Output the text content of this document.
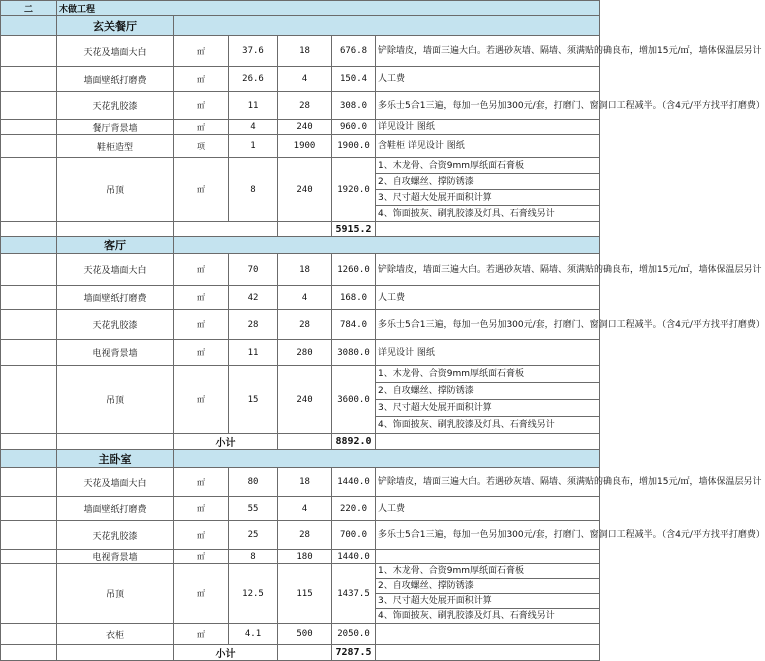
二	木做工程					
	玄关餐厅					
	天花及墙面大白	㎡	37.6	18	676.8	铲除墙皮，墙面三遍大白。若遇砂灰墙、隔墙、须满贴的确良布，增加15元/㎡，墙体保温层另计
	墙面壁纸打磨费	㎡	26.6	4	150.4	人工费
	天花乳胶漆	㎡	11	28	308.0	多乐士5合1三遍，每加一色另加300元/套，打磨门、窗洞口工程减半。（含4元/平方找平打磨费）
	餐厅背景墙	㎡	4	240	960.0	详见设计 图纸
	鞋柜造型	项	1	1900	1900.0	含鞋柜 详见设计 图纸
	吊顶	㎡	8	240	1920.0	1、木龙骨、合资9mm厚纸面石膏板
						2、自攻螺丝、撑防锈漆
						3、尺寸超大处展开面积计算
						4、饰面披灰、刷乳胶漆及灯具、石膏线另计
					5915.2	
	客厅					
	天花及墙面大白	㎡	70	18	1260.0	铲除墙皮，墙面三遍大白。若遇砂灰墙、隔墙、须满贴的确良布，增加15元/㎡，墙体保温层另计
	墙面壁纸打磨费	㎡	42	4	168.0	人工费
	天花乳胶漆	㎡	28	28	784.0	多乐士5合1三遍，每加一色另加300元/套，打磨门、窗洞口工程减半。（含4元/平方找平打磨费）
	电视背景墙	㎡	11	280	3080.0	详见设计 图纸
	吊顶	㎡	15	240	3600.0	1、木龙骨、合资9mm厚纸面石膏板
						2、自攻螺丝、撑防锈漆
						3、尺寸超大处展开面积计算
						4、饰面披灰、刷乳胶漆及灯具、石膏线另计
		小计			8892.0	
	主卧室					
	天花及墙面大白	㎡	80	18	1440.0	铲除墙皮，墙面三遍大白。若遇砂灰墙、隔墙、须满贴的确良布，增加15元/㎡，墙体保温层另计
	墙面壁纸打磨费	㎡	55	4	220.0	人工费
	天花乳胶漆	㎡	25	28	700.0	多乐士5合1三遍，每加一色另加300元/套，打磨门、窗洞口工程减半。（含4元/平方找平打磨费）
	电视背景墙	㎡	8	180	1440.0	
	吊顶	㎡	12.5	115	1437.5	1、木龙骨、合资9mm厚纸面石膏板
						2、自攻螺丝、撑防锈漆
						3、尺寸超大处展开面积计算
						4、饰面披灰、刷乳胶漆及灯具、石膏线另计
	衣柜	㎡	4.1	500	2050.0	
		小计			7287.5	
